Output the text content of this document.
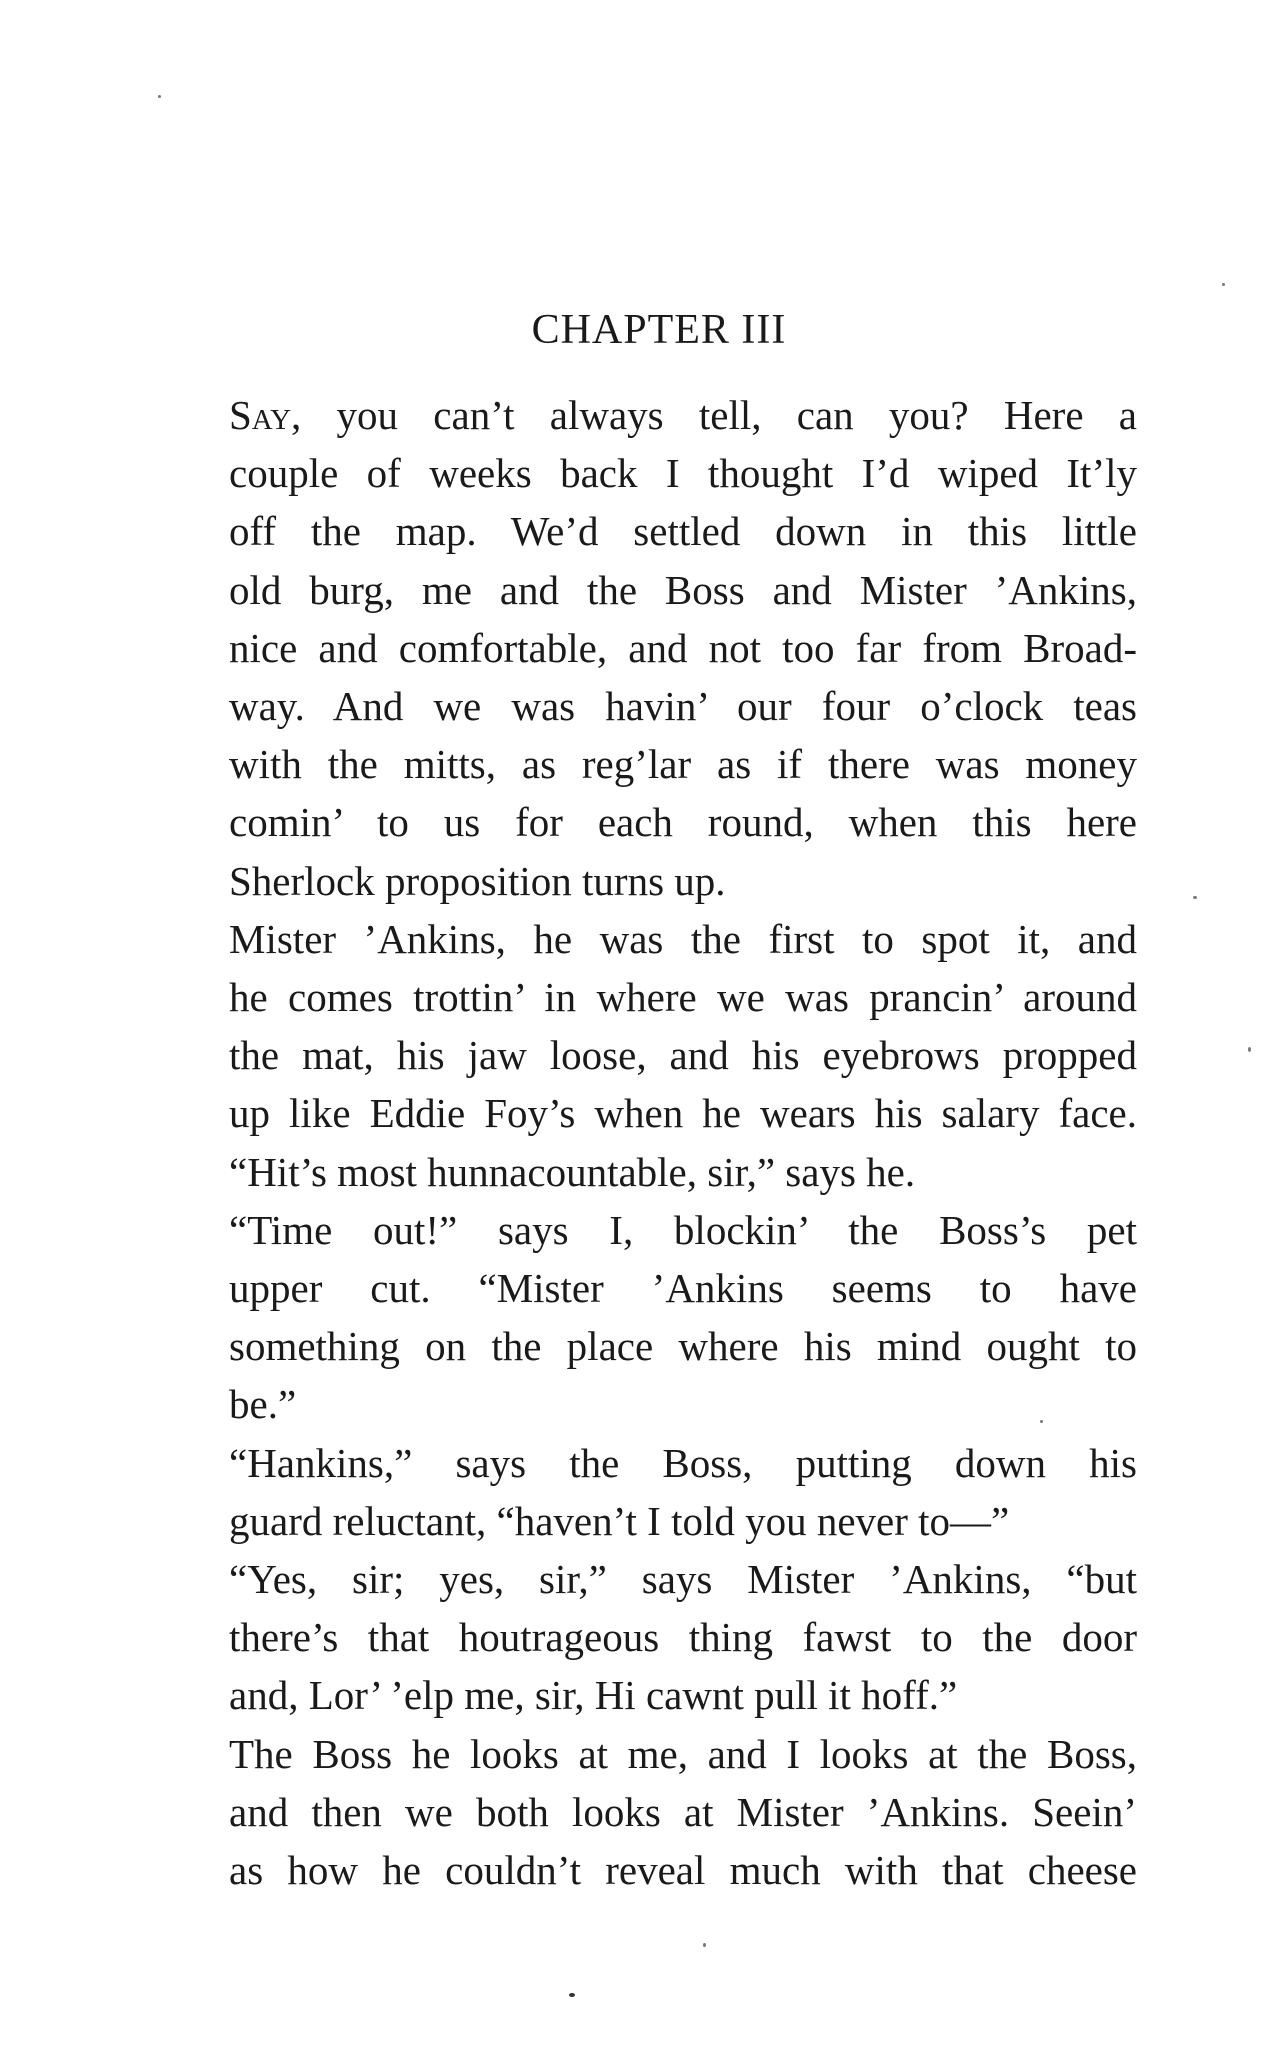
CHAPTER III
Say, you can’t always tell, can you? Here a
couple of weeks back I thought I’d wiped It’ly
off the map. We’d settled down in this little
old burg, me and the Boss and Mister ’Ankins,
nice and comfortable, and not too far from Broad-
way. And we was havin’ our four o’clock teas
with the mitts, as reg’lar as if there was money
comin’ to us for each round, when this here
Sherlock proposition turns up.
Mister ’Ankins, he was the first to spot it, and
he comes trottin’ in where we was prancin’ around
the mat, his jaw loose, and his eyebrows propped
up like Eddie Foy’s when he wears his salary face.
“Hit’s most hunnacountable, sir,” says he.
“Time out!” says I, blockin’ the Boss’s pet
upper cut. “Mister ’Ankins seems to have
something on the place where his mind ought to
be.”
“Hankins,” says the Boss, putting down his
guard reluctant, “haven’t I told you never to—”
“Yes, sir; yes, sir,” says Mister ’Ankins, “but
there’s that houtrageous thing fawst to the door
and, Lor’ ’elp me, sir, Hi cawnt pull it hoff.”
The Boss he looks at me, and I looks at the Boss,
and then we both looks at Mister ’Ankins. Seein’
as how he couldn’t reveal much with that cheese
